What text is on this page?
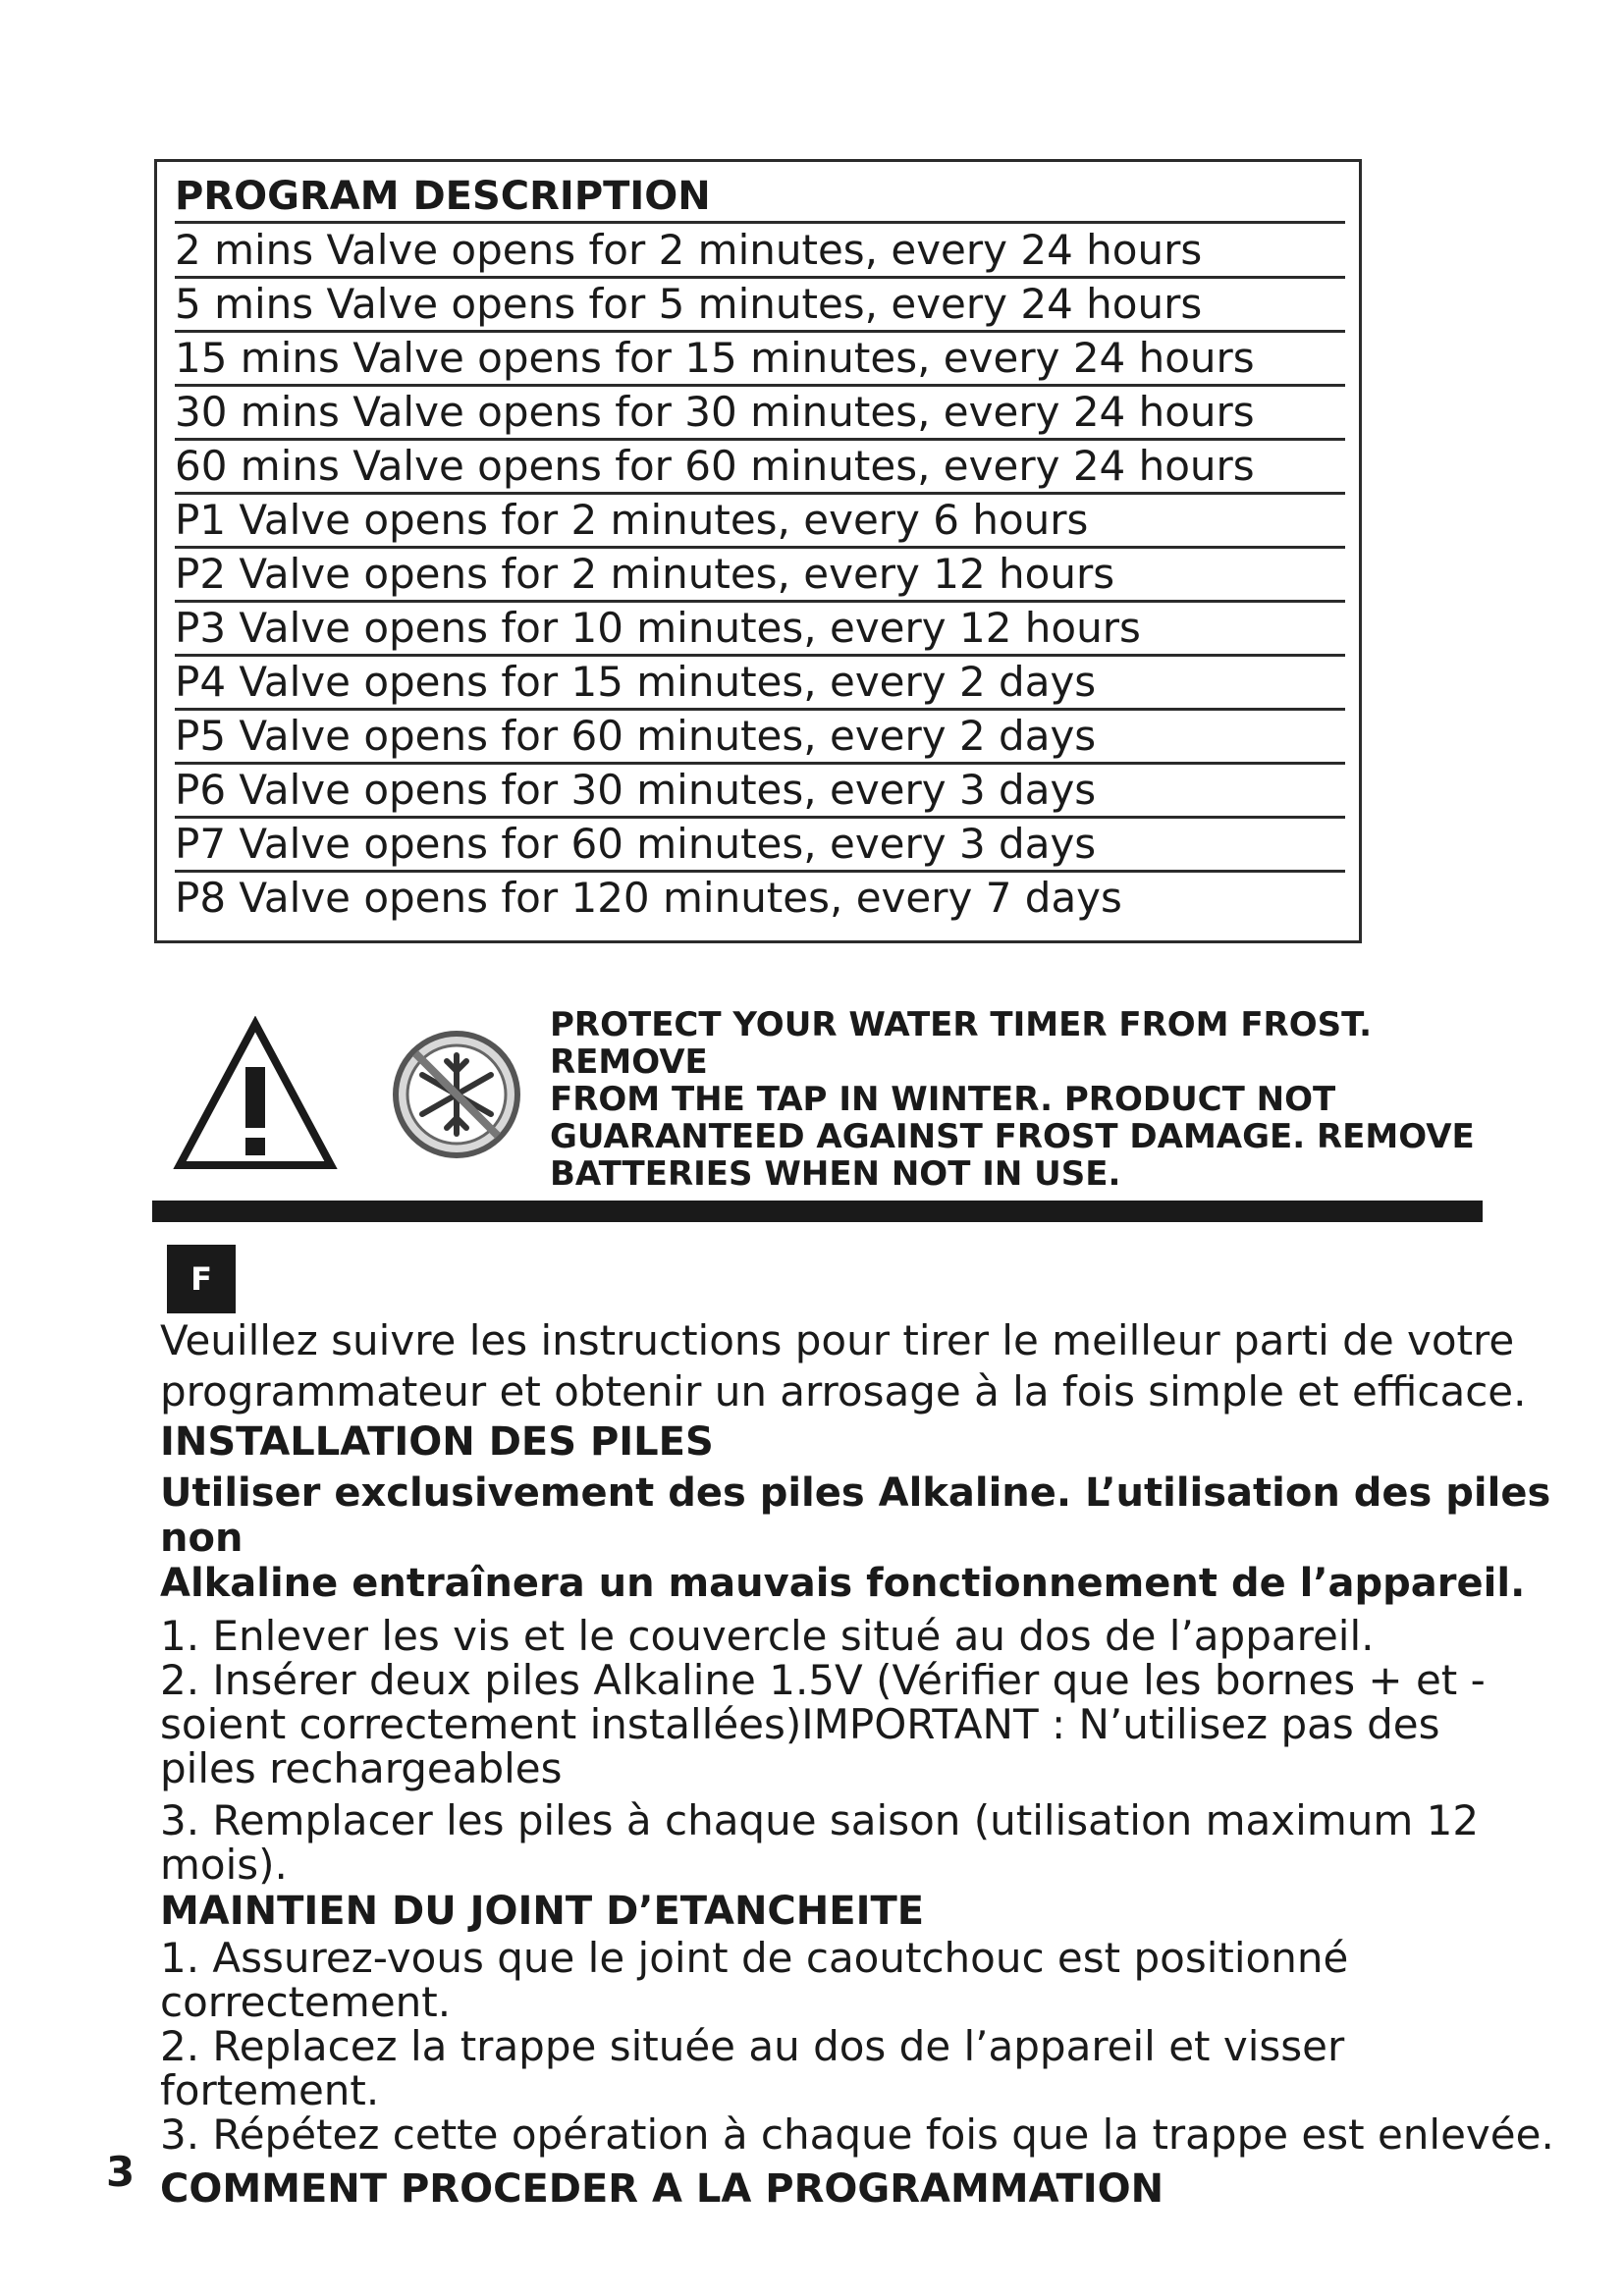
PROGRAM DESCRIPTION
2 mins Valve opens for 2 minutes, every 24 hours
5 mins Valve opens for 5 minutes, every 24 hours
15 mins Valve opens for 15 minutes, every 24 hours
30 mins Valve opens for 30 minutes, every 24 hours
60 mins Valve opens for 60 minutes, every 24 hours
P1 Valve opens for 2 minutes, every 6 hours
P2 Valve opens for 2 minutes, every 12 hours
P3 Valve opens for 10 minutes, every 12 hours
P4 Valve opens for 15 minutes, every 2 days
P5 Valve opens for 60 minutes, every 2 days
P6 Valve opens for 30 minutes, every 3 days
P7 Valve opens for 60 minutes, every 3 days
P8 Valve opens for 120 minutes, every 7 days
PROTECT YOUR WATER TIMER FROM FROST. REMOVE
FROM THE TAP IN WINTER. PRODUCT NOT
GUARANTEED AGAINST FROST DAMAGE. REMOVE
BATTERIES WHEN NOT IN USE.
F
Veuillez suivre les instructions pour tirer le meilleur parti de votre
programmateur et obtenir un arrosage à la fois simple et efficace.
INSTALLATION DES PILES
Utiliser exclusivement des piles Alkaline. L’utilisation des piles non
Alkaline entraînera un mauvais fonctionnement de l’appareil.
1. Enlever les vis et le couvercle situé au dos de l’appareil.
2. Insérer deux piles Alkaline 1.5V (Vérifier que les bornes + et -
soient correctement installées)IMPORTANT : N’utilisez pas des
piles rechargeables
3. Remplacer les piles à chaque saison (utilisation maximum 12 mois).
MAINTIEN DU JOINT D’ETANCHEITE
1. Assurez-vous que le joint de caoutchouc est positionné
correctement.
2. Replacez la trappe située au dos de l’appareil et visser fortement.
3. Répétez cette opération à chaque fois que la trappe est enlevée.
COMMENT PROCEDER A LA PROGRAMMATION
3
